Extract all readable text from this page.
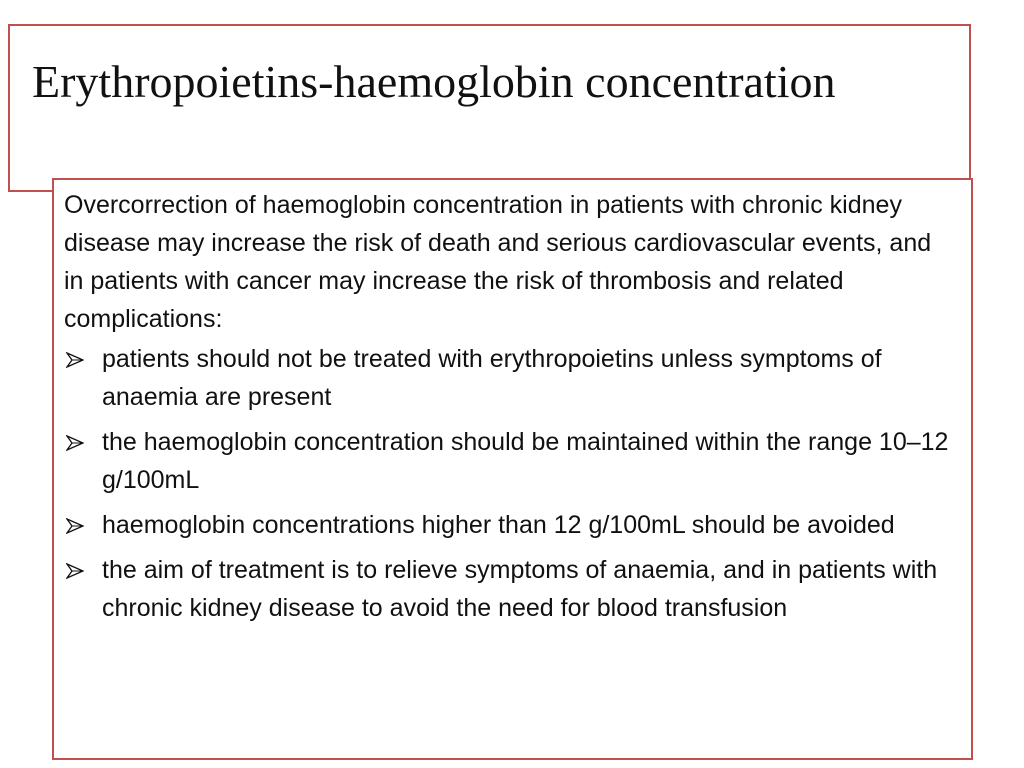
Erythropoietins-haemoglobin concentration

Overcorrection of haemoglobin concentration in patients with chronic kidney disease may increase the risk of death and serious cardiovascular events, and in patients with cancer may increase the risk of thrombosis and related complications:

patients should not be treated with erythropoietins unless symptoms of anaemia are present
the haemoglobin concentration should be maintained within the range 10–12 g/100mL
haemoglobin concentrations higher than 12 g/100mL should be avoided
the aim of treatment is to relieve symptoms of anaemia, and in patients with chronic kidney disease to avoid the need for blood transfusion
